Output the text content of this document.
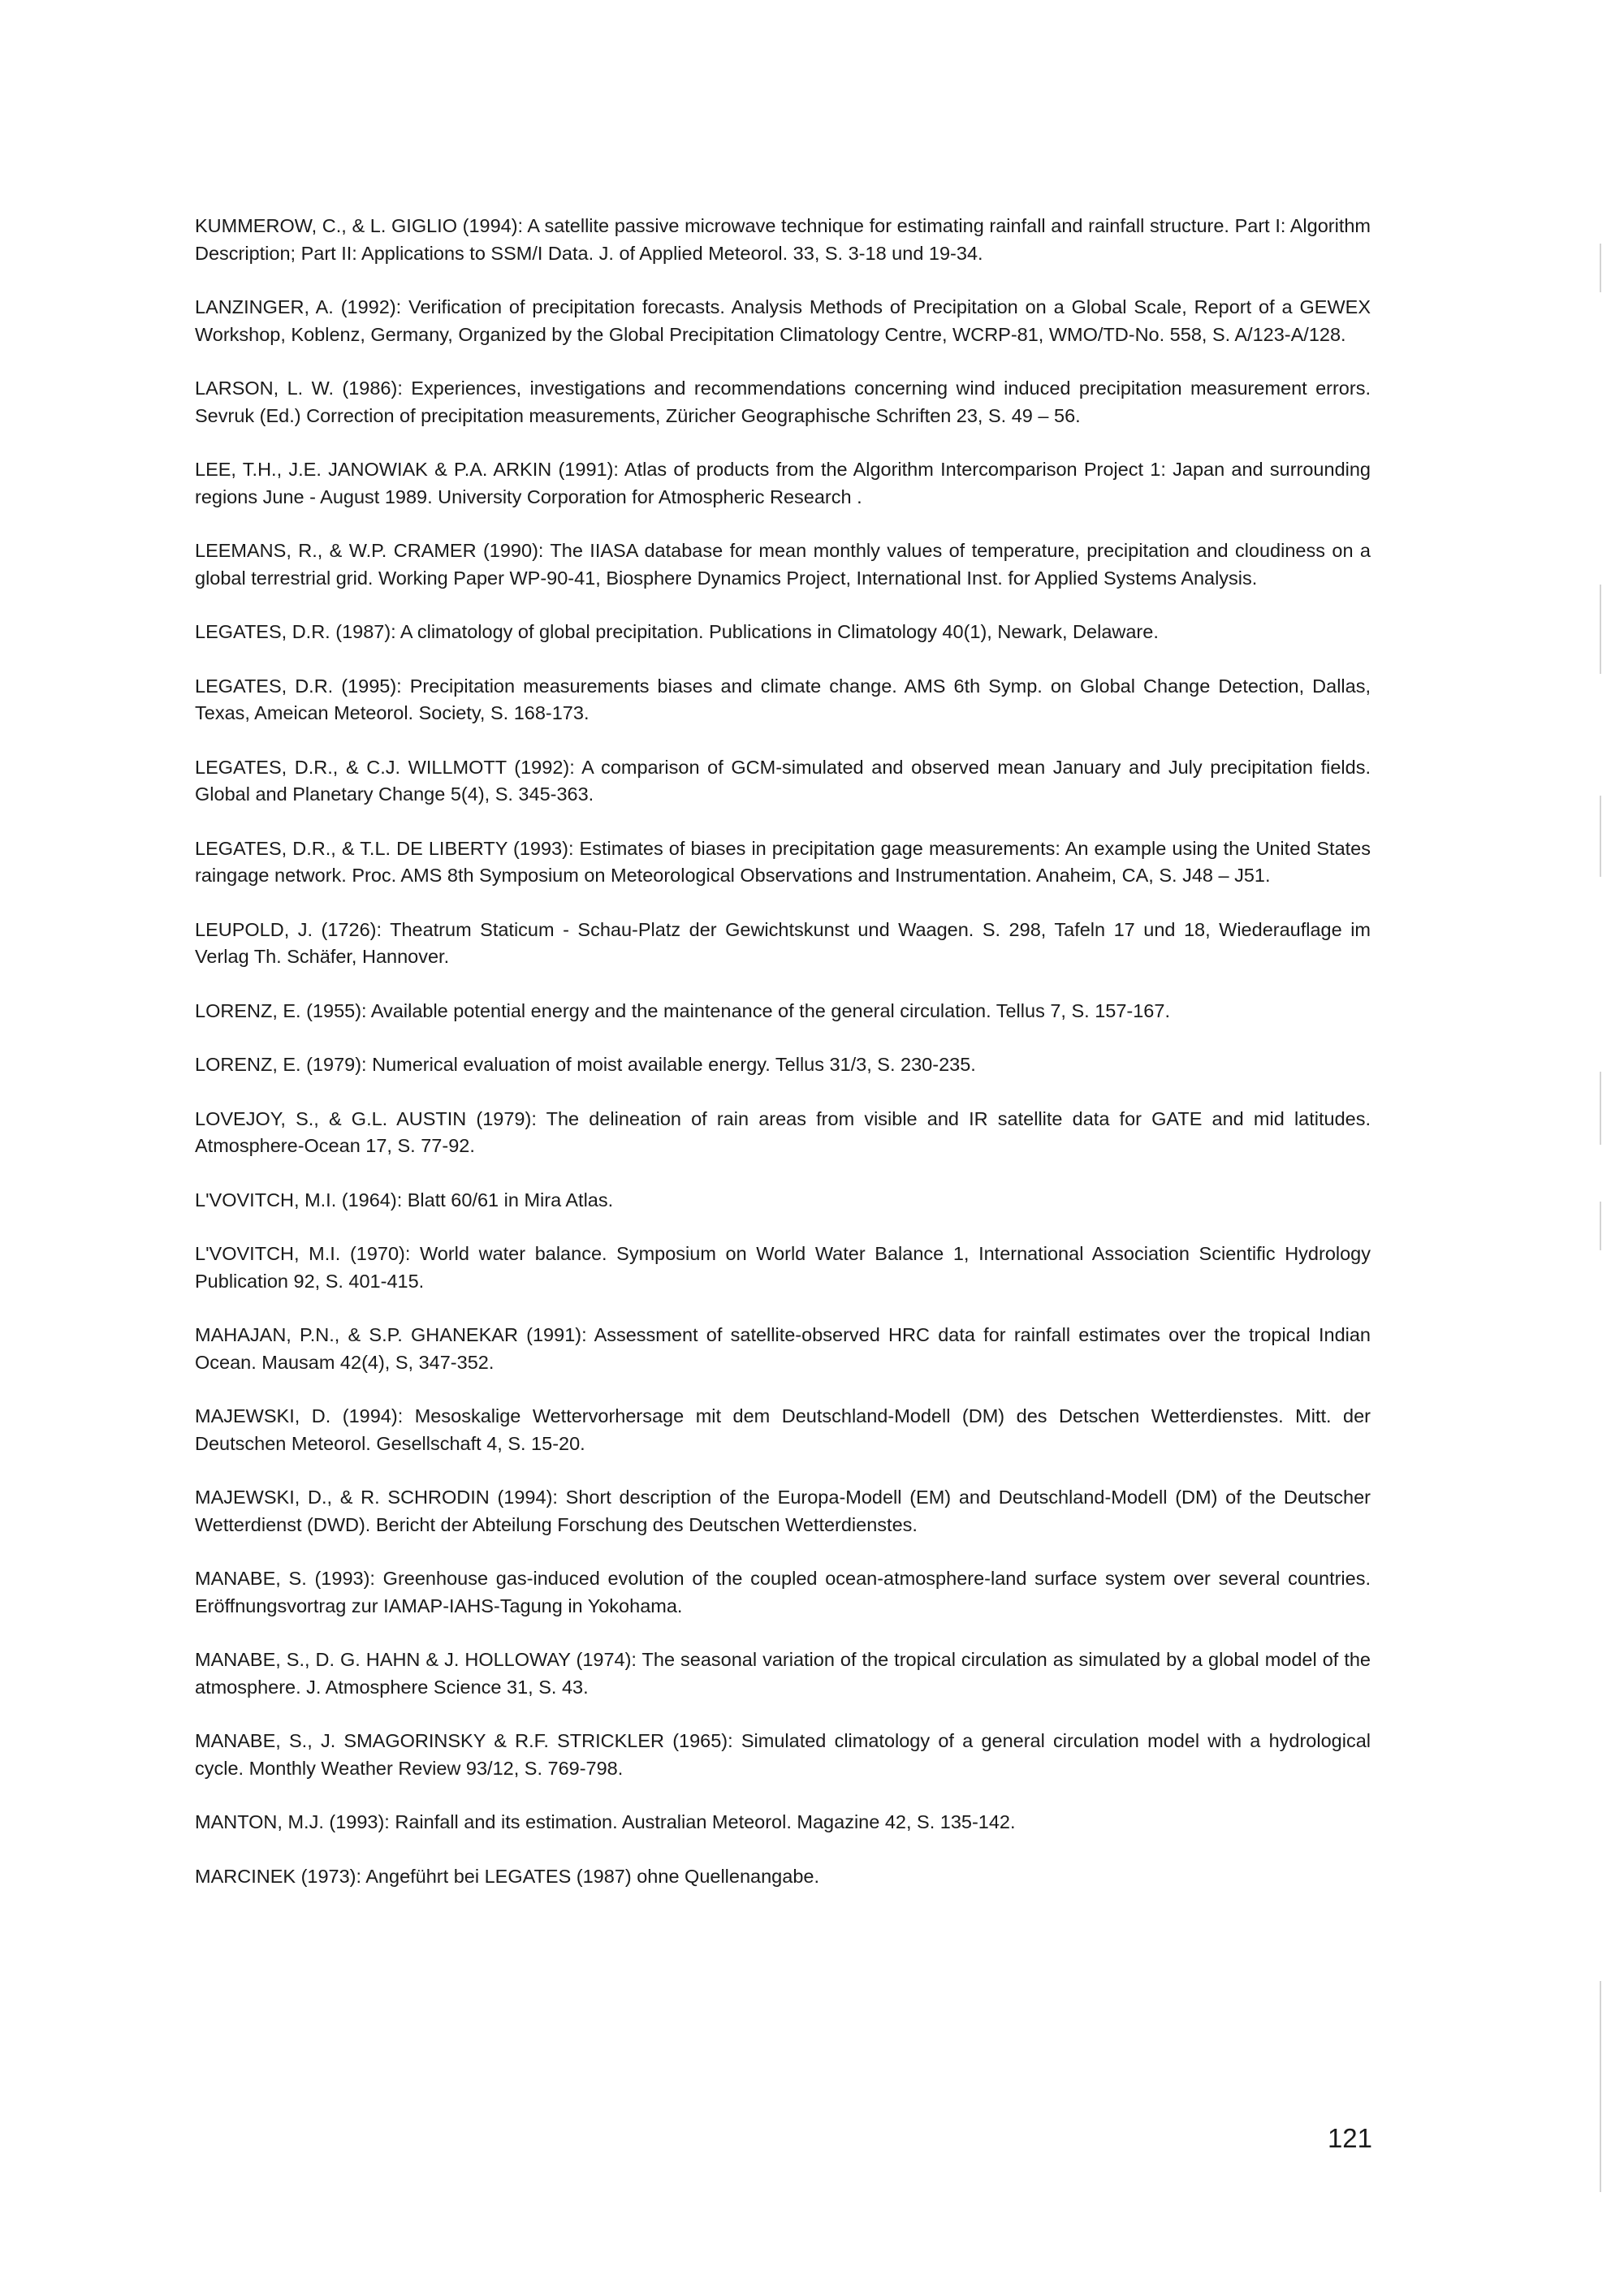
KUMMEROW, C., & L. GIGLIO (1994): A satellite passive microwave technique for estimating rainfall and rainfall structure. Part I: Algorithm Description; Part II: Applications to SSM/I Data. J. of Applied Meteorol. 33, S. 3-18 und 19-34.
LANZINGER, A. (1992): Verification of precipitation forecasts. Analysis Methods of Precipitation on a Global Scale, Report of a GEWEX Workshop, Koblenz, Germany, Organized by the Global Precipitation Climatology Centre, WCRP-81, WMO/TD-No. 558, S. A/123-A/128.
LARSON, L. W. (1986): Experiences, investigations and recommendations concerning wind induced precipitation measurement errors. Sevruk (Ed.) Correction of precipitation measurements, Züricher Geographische Schriften 23, S. 49 – 56.
LEE, T.H., J.E. JANOWIAK & P.A. ARKIN (1991): Atlas of products from the Algorithm Intercomparison Project 1: Japan and surrounding regions June - August 1989. University Corporation for Atmospheric Research .
LEEMANS, R., & W.P. CRAMER (1990): The IIASA database for mean monthly values of temperature, precipitation and cloudiness on a global terrestrial grid. Working Paper WP-90-41, Biosphere Dynamics Project, International Inst. for Applied Systems Analysis.
LEGATES, D.R. (1987): A climatology of global precipitation. Publications in Climatology 40(1), Newark, Delaware.
LEGATES, D.R. (1995): Precipitation measurements biases and climate change. AMS 6th Symp. on Global Change Detection, Dallas, Texas, Ameican Meteorol. Society, S. 168-173.
LEGATES, D.R., & C.J. WILLMOTT (1992): A comparison of GCM-simulated and observed mean January and July precipitation fields. Global and Planetary Change 5(4), S. 345-363.
LEGATES, D.R., & T.L. DE LIBERTY (1993): Estimates of biases in precipitation gage measurements: An example using the United States raingage network. Proc. AMS 8th Symposium on Meteorological Observations and Instrumentation. Anaheim, CA, S. J48 – J51.
LEUPOLD, J. (1726): Theatrum Staticum - Schau-Platz der Gewichtskunst und Waagen. S. 298, Tafeln 17 und 18, Wiederauflage im Verlag Th. Schäfer, Hannover.
LORENZ, E. (1955): Available potential energy and the maintenance of the general circulation. Tellus 7, S. 157-167.
LORENZ, E. (1979): Numerical evaluation of moist available energy. Tellus 31/3, S. 230-235.
LOVEJOY, S., & G.L. AUSTIN (1979): The delineation of rain areas from visible and IR satellite data for GATE and mid latitudes. Atmosphere-Ocean 17, S. 77-92.
L'VOVITCH, M.I. (1964): Blatt 60/61 in Mira Atlas.
L'VOVITCH, M.I. (1970): World water balance. Symposium on World Water Balance 1, International Association Scientific Hydrology Publication 92, S. 401-415.
MAHAJAN, P.N., & S.P. GHANEKAR (1991): Assessment of satellite-observed HRC data for rainfall estimates over the tropical Indian Ocean. Mausam 42(4), S, 347-352.
MAJEWSKI, D. (1994): Mesoskalige Wettervorhersage mit dem Deutschland-Modell (DM) des Detschen Wetterdienstes. Mitt. der Deutschen Meteorol. Gesellschaft 4, S. 15-20.
MAJEWSKI, D., & R. SCHRODIN (1994): Short description of the Europa-Modell (EM) and Deutschland-Modell (DM) of the Deutscher Wetterdienst (DWD). Bericht der Abteilung Forschung des Deutschen Wetterdienstes.
MANABE, S. (1993): Greenhouse gas-induced evolution of the coupled ocean-atmosphere-land surface system over several countries. Eröffnungsvortrag zur IAMAP-IAHS-Tagung in Yokohama.
MANABE, S., D. G. HAHN & J. HOLLOWAY (1974): The seasonal variation of the tropical circulation as simulated by a global model of the atmosphere. J. Atmosphere Science 31, S. 43.
MANABE, S., J. SMAGORINSKY & R.F. STRICKLER (1965): Simulated climatology of a general circulation model with a hydrological cycle. Monthly Weather Review 93/12, S. 769-798.
MANTON, M.J. (1993): Rainfall and its estimation. Australian Meteorol. Magazine 42, S. 135-142.
MARCINEK (1973): Angeführt bei LEGATES (1987) ohne Quellenangabe.
121
